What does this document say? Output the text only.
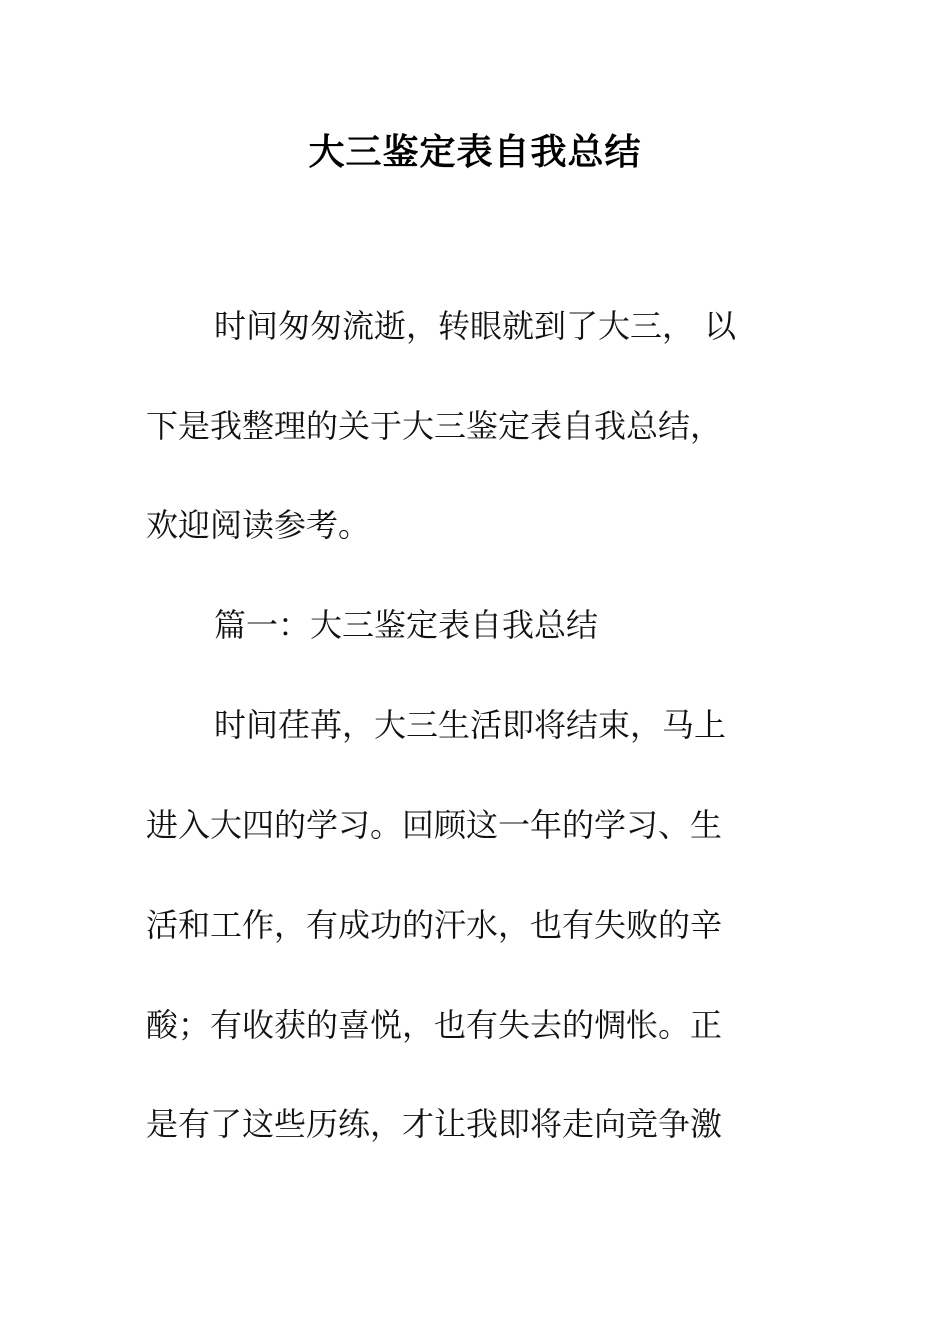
大三鉴定表自我总结
时间匆匆流逝，转眼就到了大三， 以
下是我整理的关于大三鉴定表自我总结，
欢迎阅读参考。
篇一：大三鉴定表自我总结
时间荏苒，大三生活即将结束，马上
进入大四的学习。回顾这一年的学习、生
活和工作，有成功的汗水，也有失败的辛
酸；有收获的喜悦，也有失去的惆怅。正
是有了这些历练，才让我即将走向竞争激
